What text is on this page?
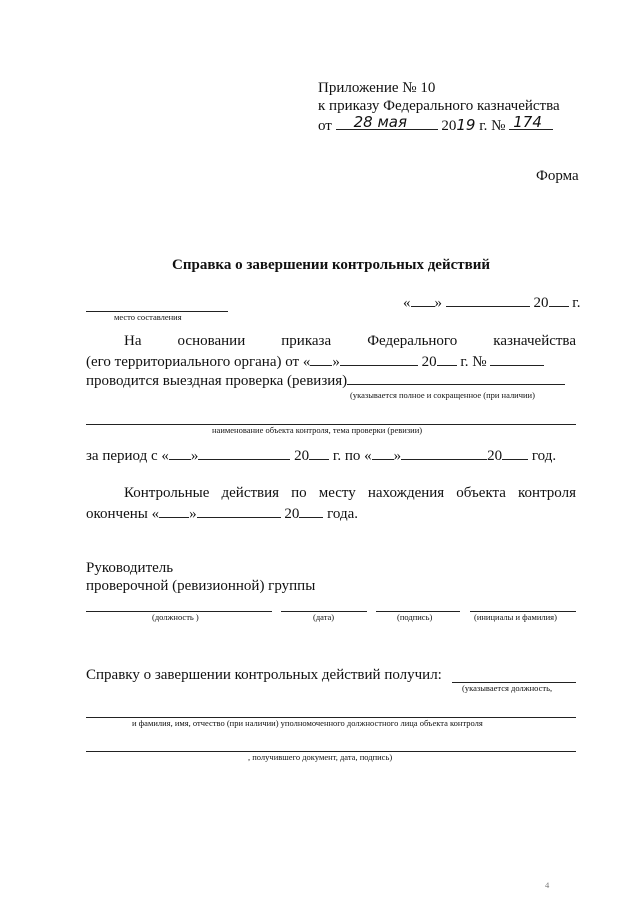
Приложение № 10
к приказу Федерального казначейства
от 28 мая 2019 г. № 174
Форма
Справка о завершении контрольных действий
место составления
« »	20 г.
На основании приказа Федерального казначейства
(его территориального органа) от « »	20 г. №
проводится выездная проверка (ревизия)
(указывается полное и сокращенное (при наличии)
наименование объекта контроля, тема проверки (ревизии)
за период с « »	20 г. по « »	20 год.
Контрольные действия по месту нахождения объекта контроля
окончены « »	20 года.
Руководитель
проверочной (ревизионной) группы
(должность )	(дата)	(подпись)	(инициалы и фамилия)
Справку о завершении контрольных действий получил:
(указывается должность,
и фамилия, имя, отчество (при наличии) уполномоченного должностного лица объекта контроля
, получившего документ, дата, подпись)
4
